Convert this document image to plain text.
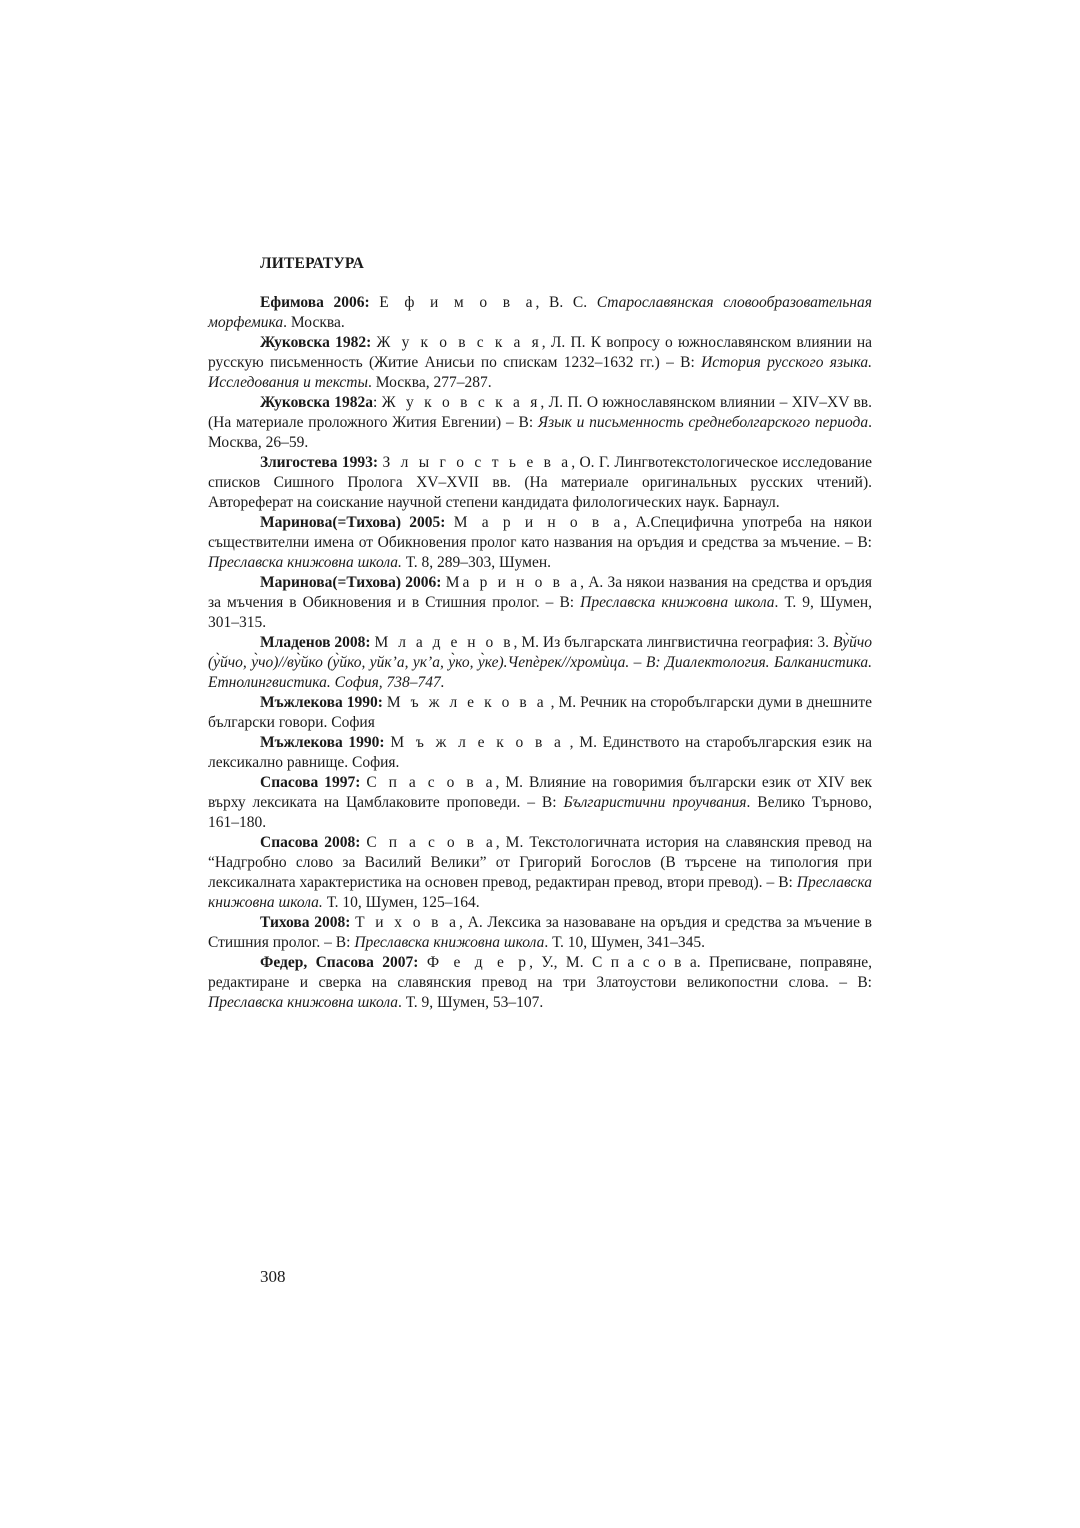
ЛИТЕРАТУРА

Ефимова 2006: Е ф и м о в а, В. С. Старославянская словообразовательная морфемика. Москва.

Жуковска 1982: Ж у к о в с к а я, Л. П. К вопросу о южнославянском влиянии на русскую письменность (Житие Анисьи по спискам 1232–1632 гг.) – В: История русского языка. Исследования и тексты. Москва, 277–287.

Жуковска 1982а: Ж у к о в с к а я, Л. П. О южнославянском влиянии – XIV–XV вв. (На материале проложного Жития Евгении) – В: Язык и письменность среднеболгарского периода. Москва, 26–59.

Злигостева 1993: З л ы г о с т ь е в а, О. Г. Лингвотекстологическое исследование списков Сишного Пролога XV–XVII вв. (На материале оригинальных русских чтений). Автореферат на соискание научной степени кандидата филологических наук. Барнаул.

Маринова(=Тихова) 2005: М а р и н о в а, А.Специфична употреба на някои съществителни имена от Обикновения пролог като названия на оръдия и средства за мъчение. – В: Преславска книжовна школа. Т. 8, 289–303, Шумен.

Маринова(=Тихова) 2006: Ма р и н о в а, А. За някои названия на средства и оръдия за мъчения в Обикновения и в Стишния пролог. – В: Преславска книжовна школа. Т. 9, Шумен, 301–315.

Младенов 2008: М л а д е н о в, М. Из българската лингвистична география: 3. Ву̀йчо (у̀йчо, у̀чо)//ву̀йко (у̀йко, уйк’а, ук’а, у̀ко, у̀ке).Чепѐрек//хромѝца. – В: Диалектология. Балканистика. Етнолингвистика. София, 738–747.

Мъжлекова 1990: М ъ ж л е к о в а , М. Речник на сторобългарски думи в днешните български говори. София

Мъжлекова 1990: М ъ ж л е к о в а , М. Единството на старобългарския език на лексикално равнище. София.

Спасова 1997: С п а с о в а, М. Влияние на говоримия български език от XIV век върху лексиката на Цамблаковите проповеди. – В: Българистични проучвания. Велико Търново, 161–180.

Спасова 2008: С п а с о в а, М. Текстологичната история на славянския превод на “Надгробно слово за Василий Велики” от Григорий Богослов (В търсене на типология при лексикалната характеристика на основен превод, редактиран превод, втори превод). – В: Преславска книжовна школа. Т. 10, Шумен, 125–164.

Тихова 2008: Т и х о в а, А. Лексика за назоваване на оръдия и средства за мъчение в Стишния пролог. – В: Преславска книжовна школа. Т. 10, Шумен, 341–345.

Федер, Спасова 2007: Ф е д е р, У., М. С п а с о в а. Преписване, поправяне, редактиране и сверка на славянския превод на три Златоустови великопостни слова. – В: Преславска книжовна школа. Т. 9, Шумен, 53–107.

308
